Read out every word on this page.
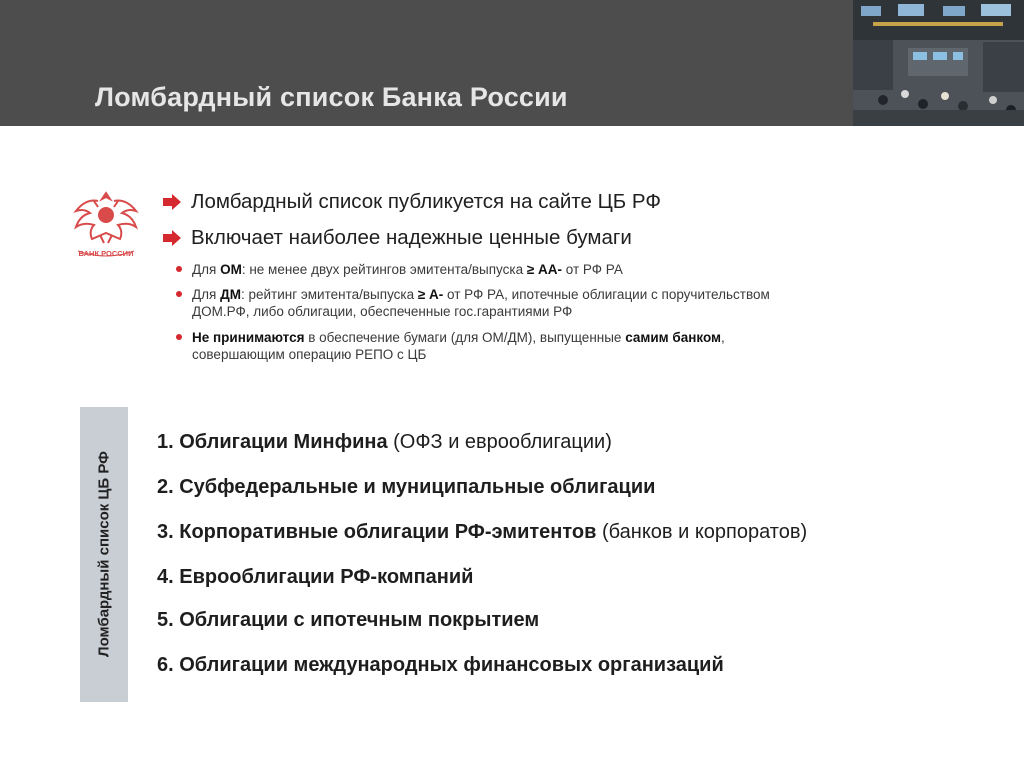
Ломбардный список Банка России
БАНК РОССИИ
Ломбардный список публикуется на сайте ЦБ РФ
Включает наиболее надежные ценные бумаги
Для ОМ: не менее двух рейтингов эмитента/выпуска ≥ АА- от РФ РА
Для ДМ: рейтинг эмитента/выпуска ≥ А- от РФ РА, ипотечные облигации с поручительством
ДОМ.РФ, либо облигации, обеспеченные гос.гарантиями РФ
Не принимаются в обеспечение бумаги (для ОМ/ДМ), выпущенные самим банком,
совершающим операцию РЕПО с ЦБ
Ломбардный список ЦБ РФ
1. Облигации Минфина (ОФЗ и еврооблигации)
2. Субфедеральные и муниципальные облигации
3. Корпоративные облигации РФ-эмитентов (банков и корпоратов)
4. Еврооблигации РФ-компаний
5. Облигации с ипотечным покрытием
6. Облигации международных финансовых организаций
